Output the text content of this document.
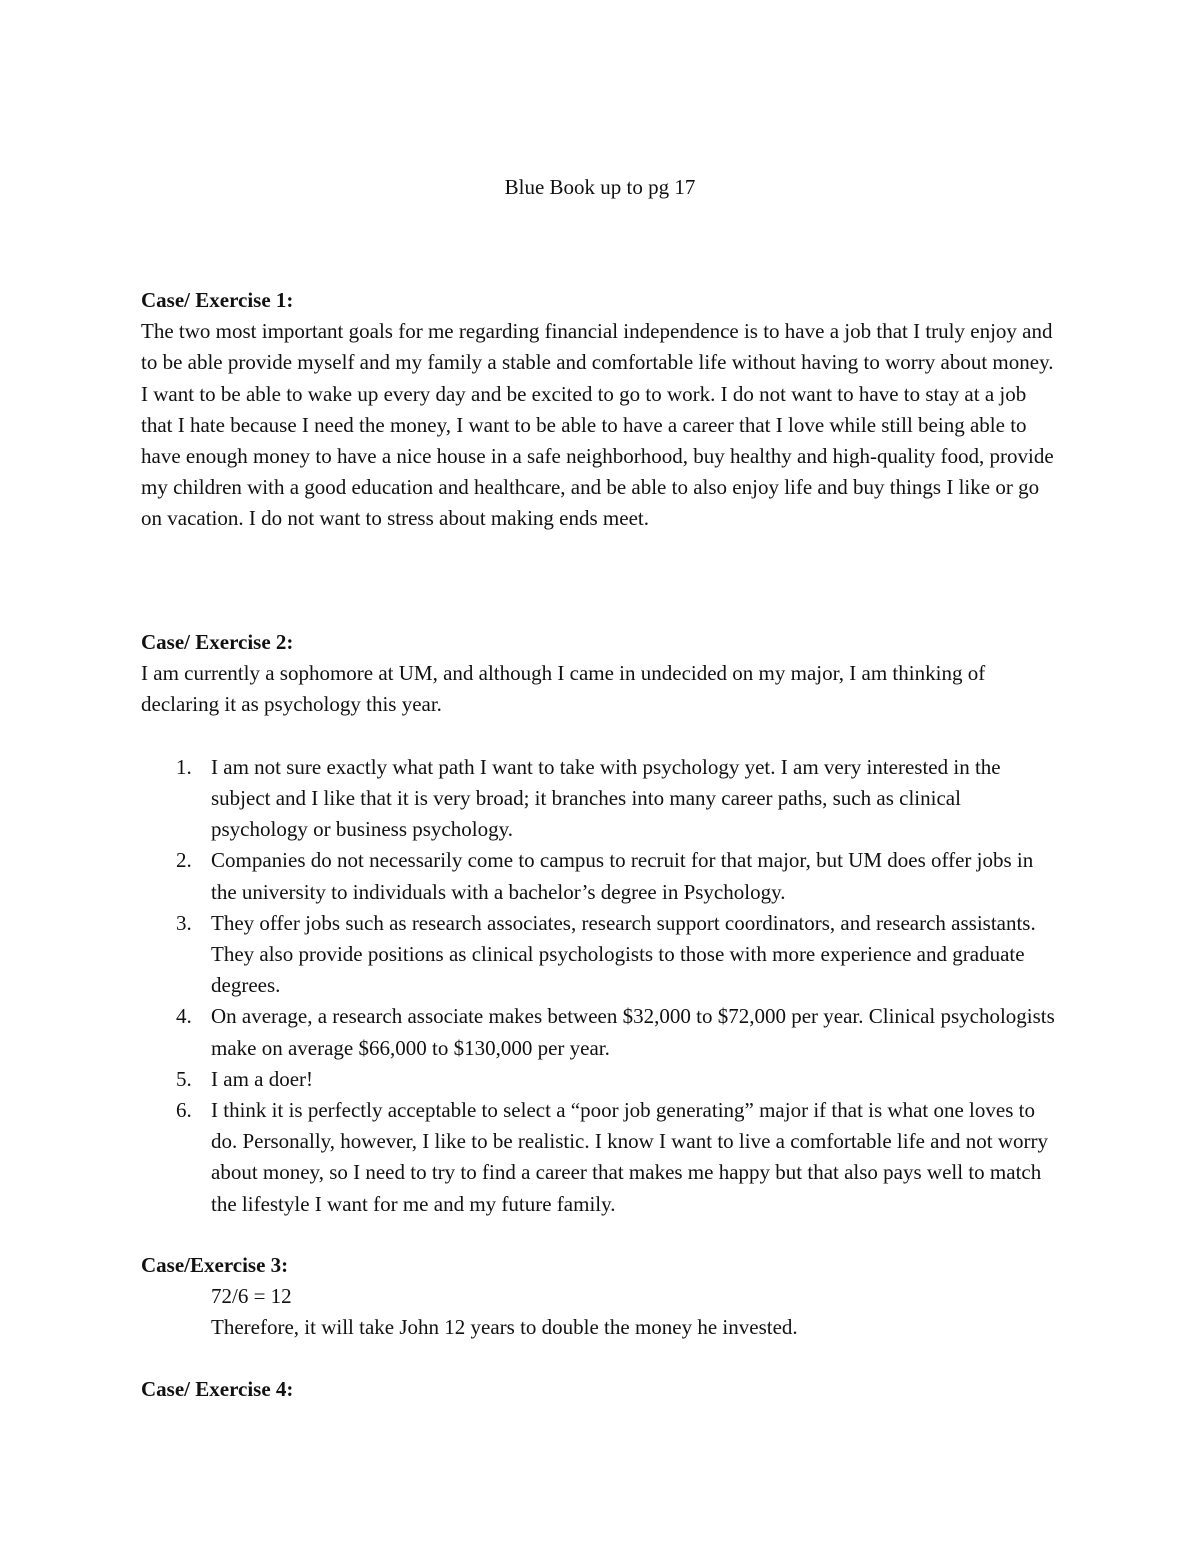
Blue Book up to pg 17

Case/ Exercise 1:

The two most important goals for me regarding financial independence is to have a job that I truly enjoy and to be able provide myself and my family a stable and comfortable life without having to worry about money. I want to be able to wake up every day and be excited to go to work. I do not want to have to stay at a job that I hate because I need the money, I want to be able to have a career that I love while still being able to have enough money to have a nice house in a safe neighborhood, buy healthy and high-quality food, provide my children with a good education and healthcare, and be able to also enjoy life and buy things I like or go on vacation. I do not want to stress about making ends meet.

Case/ Exercise 2:

I am currently a sophomore at UM, and although I came in undecided on my major, I am thinking of declaring it as psychology this year.

1. I am not sure exactly what path I want to take with psychology yet. I am very interested in the subject and I like that it is very broad; it branches into many career paths, such as clinical psychology or business psychology.
2. Companies do not necessarily come to campus to recruit for that major, but UM does offer jobs in the university to individuals with a bachelor’s degree in Psychology.
3. They offer jobs such as research associates, research support coordinators, and research assistants. They also provide positions as clinical psychologists to those with more experience and graduate degrees.
4. On average, a research associate makes between $32,000 to $72,000 per year. Clinical psychologists make on average $66,000 to $130,000 per year.
5. I am a doer!
6. I think it is perfectly acceptable to select a “poor job generating” major if that is what one loves to do. Personally, however, I like to be realistic. I know I want to live a comfortable life and not worry about money, so I need to try to find a career that makes me happy but that also pays well to match the lifestyle I want for me and my future family.

Case/Exercise 3:

72/6 = 12

Therefore, it will take John 12 years to double the money he invested.

Case/ Exercise 4:
